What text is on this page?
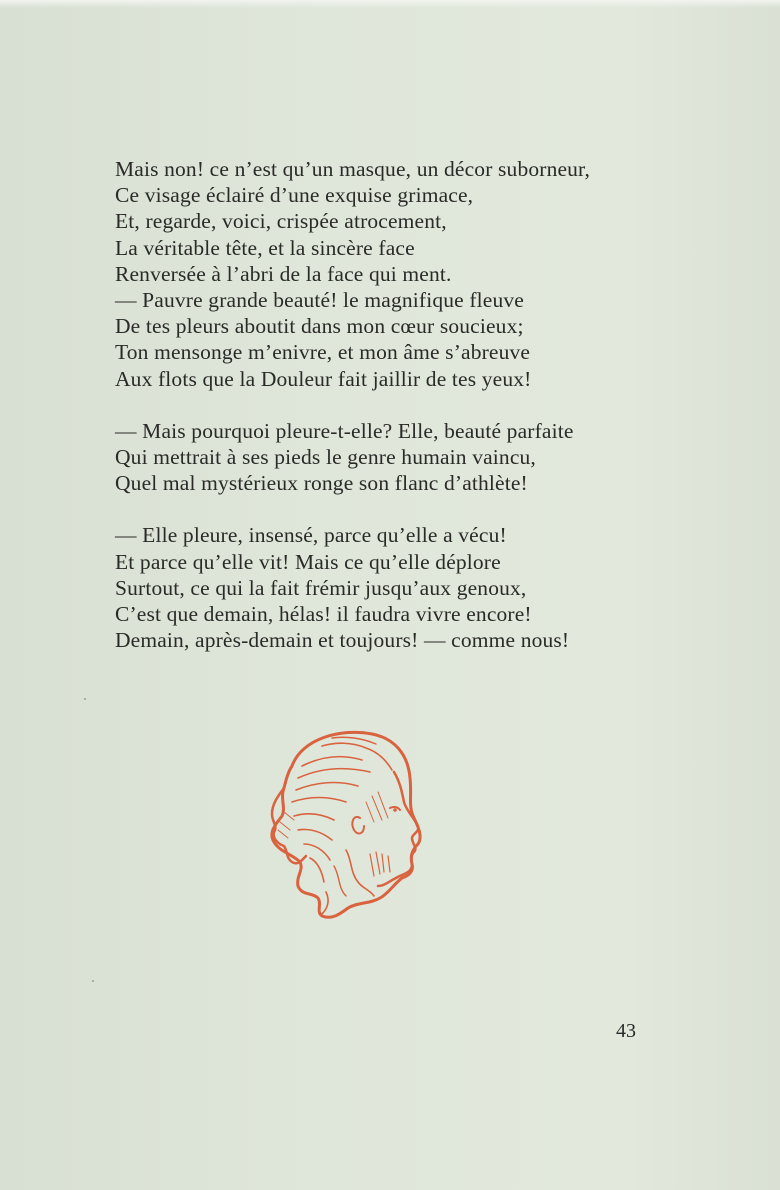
Mais non! ce n’est qu’un masque, un décor suborneur,
Ce visage éclairé d’une exquise grimace,
Et, regarde, voici, crispée atrocement,
La véritable tête, et la sincère face
Renversée à l’abri de la face qui ment.
— Pauvre grande beauté! le magnifique fleuve
De tes pleurs aboutit dans mon cœur soucieux;
Ton mensonge m’enivre, et mon âme s’abreuve
Aux flots que la Douleur fait jaillir de tes yeux!
— Mais pourquoi pleure-t-elle? Elle, beauté parfaite
Qui mettrait à ses pieds le genre humain vaincu,
Quel mal mystérieux ronge son flanc d’athlète!
— Elle pleure, insensé, parce qu’elle a vécu!
Et parce qu’elle vit! Mais ce qu’elle déplore
Surtout, ce qui la fait frémir jusqu’aux genoux,
C’est que demain, hélas! il faudra vivre encore!
Demain, après-demain et toujours! — comme nous!
43
